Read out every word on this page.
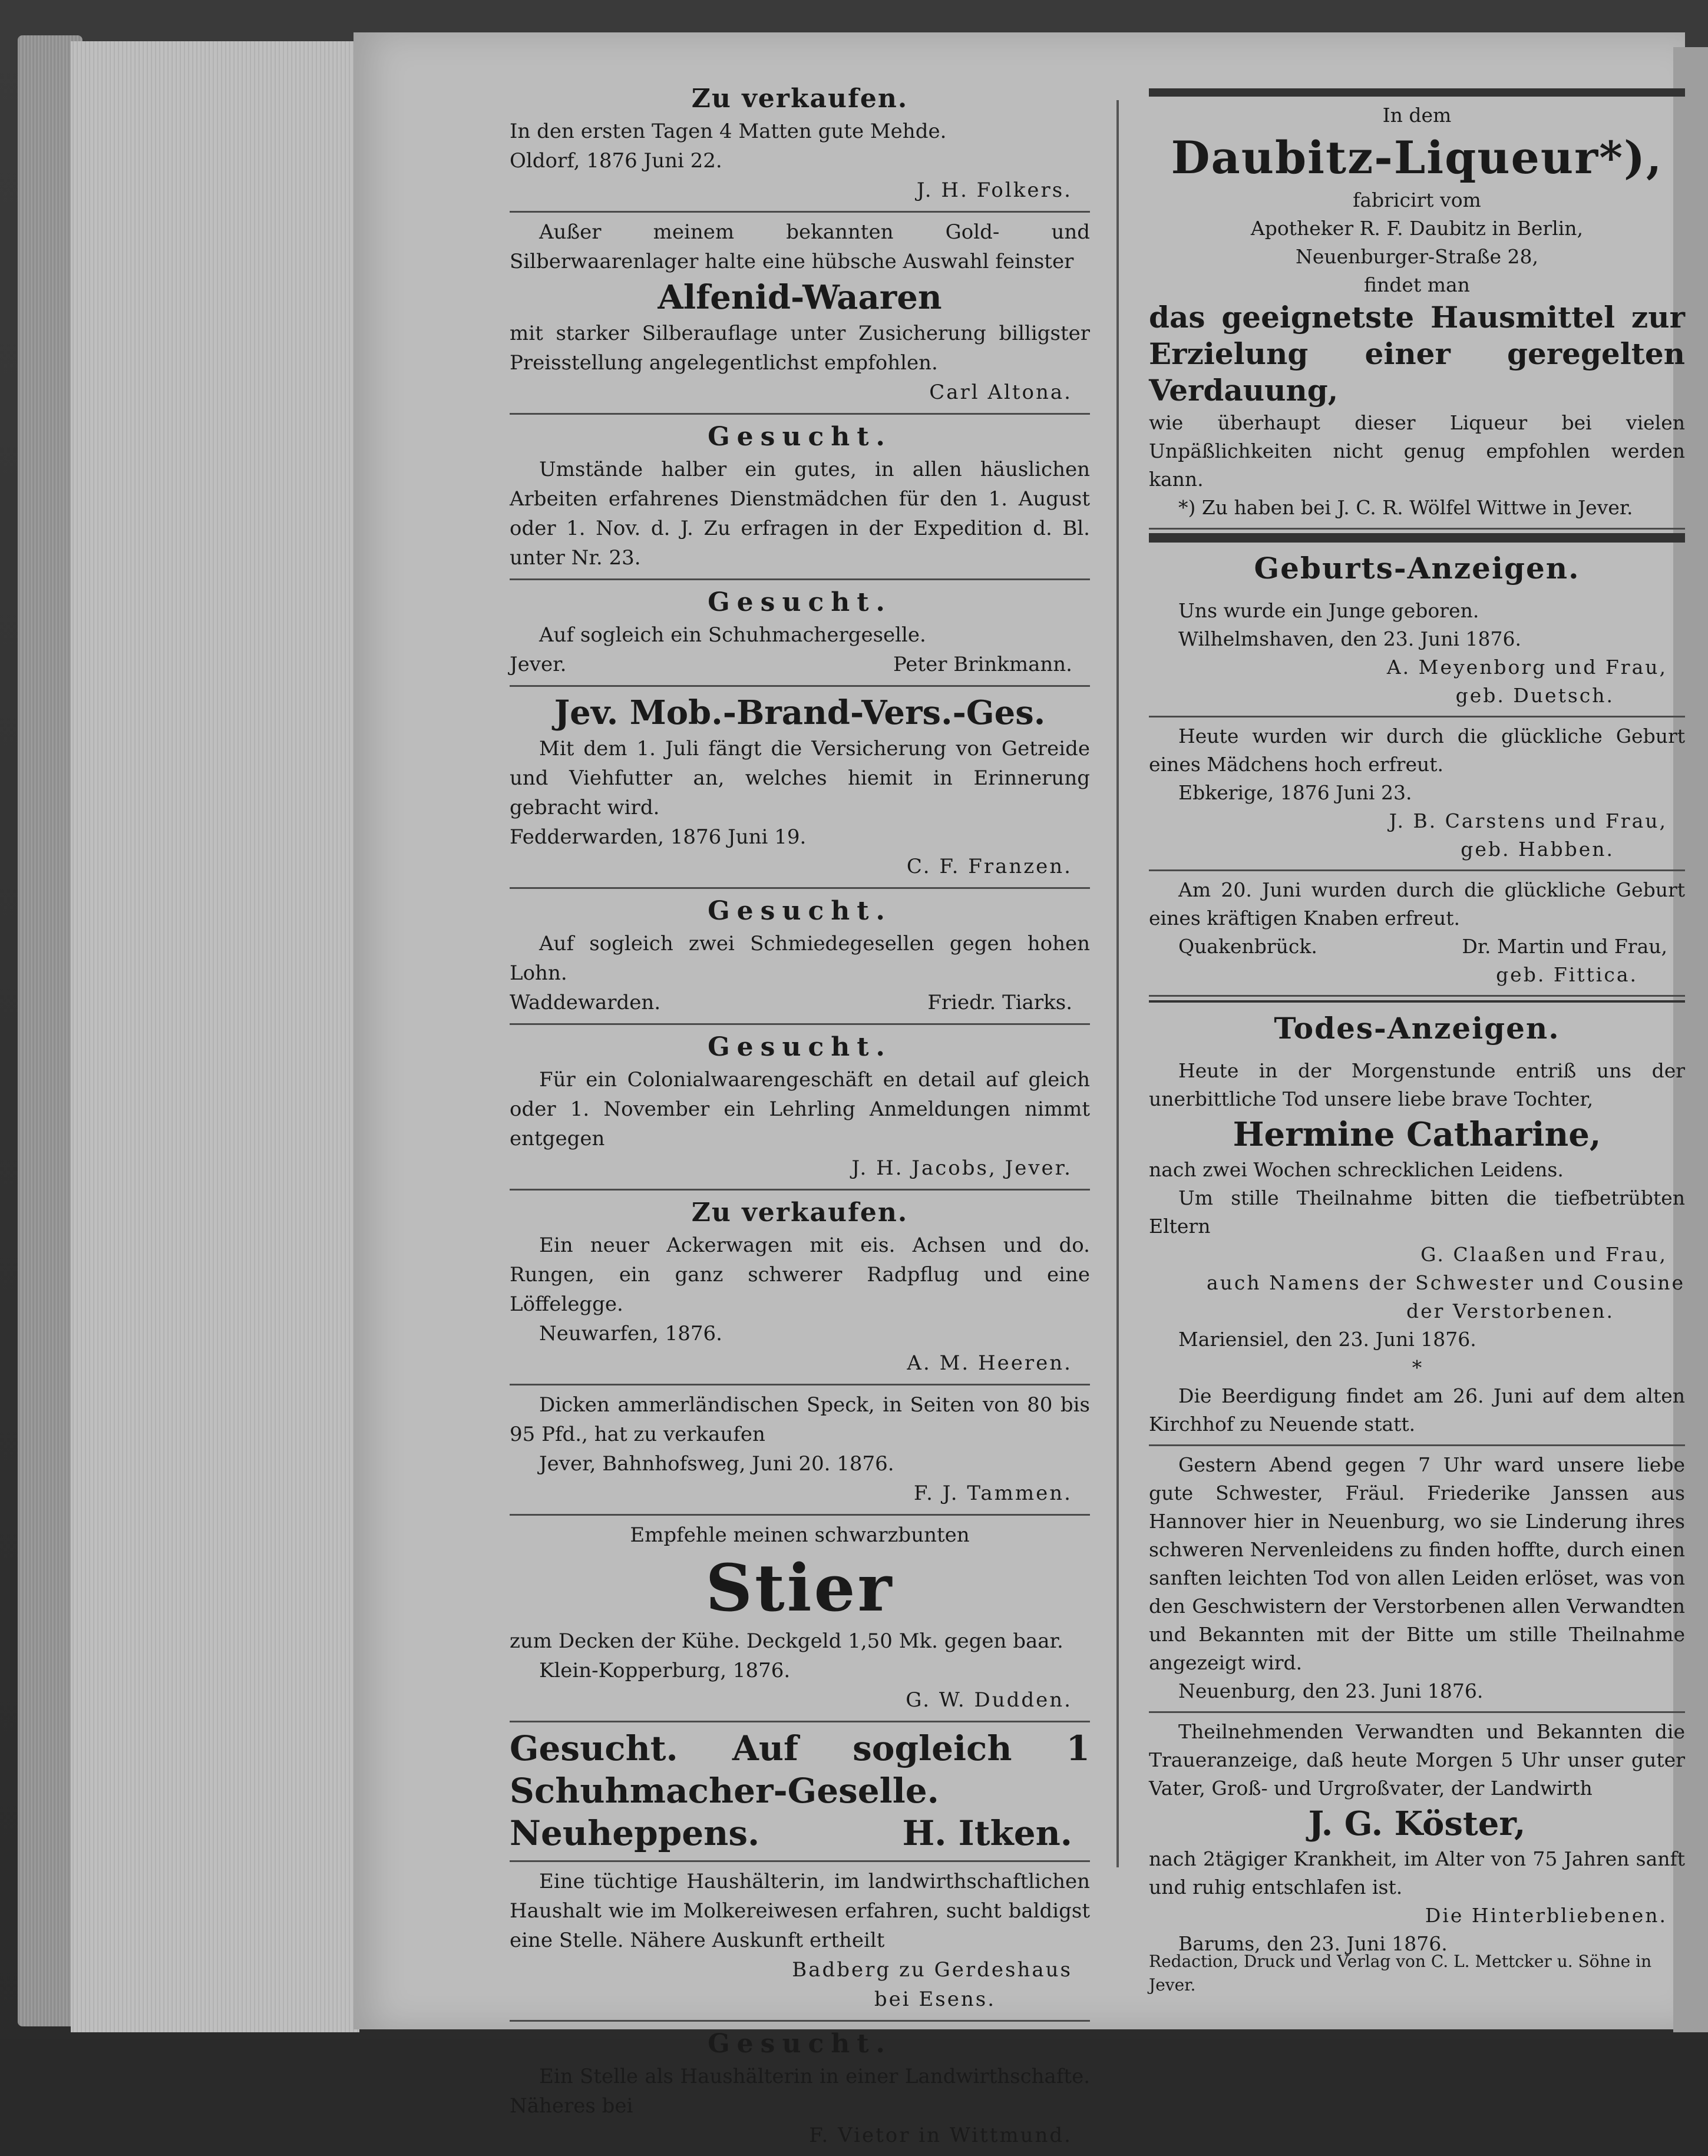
Zu verkaufen.

In den ersten Tagen 4 Matten gute Mehde.

Oldorf, 1876 Juni 22.

J. H. Folkers.

Außer meinem bekannten Gold- und Silberwaarenlager halte eine hübsche Auswahl feinster

Alfenid-Waaren

mit starker Silberauflage unter Zusicherung billigster Preisstellung angelegentlichst empfohlen.

Carl Altona.
Gesucht.

Umstände halber ein gutes, in allen häuslichen Arbeiten erfahrenes Dienstmädchen für den 1. August oder 1. Nov. d. J. Zu erfragen in der Expedition d. Bl. unter Nr. 23.

Gesucht.

Auf sogleich ein Schuhmachergeselle.

Jever.	Peter Brinkmann.
Jev. Mob.-Brand-Vers.-Ges.

Mit dem 1. Juli fängt die Versicherung von Getreide und Viehfutter an, welches hiemit in Erinnerung gebracht wird.

Fedderwarden, 1876 Juni 19.

C. F. Franzen.
Gesucht.

Auf sogleich zwei Schmiedegesellen gegen hohen Lohn.

Waddewarden.	Friedr. Tiarks.
Gesucht.

Für ein Colonialwaarengeschäft en detail auf gleich oder 1. November ein Lehrling Anmeldungen nimmt entgegen

J. H. Jacobs, Jever.
Zu verkaufen.

Ein neuer Ackerwagen mit eis. Achsen und do. Rungen, ein ganz schwerer Radpflug und eine Löffelegge.

Neuwarfen, 1876.

A. M. Heeren.

Dicken ammerländischen Speck, in Seiten von 80 bis 95 Pfd., hat zu verkaufen

Jever, Bahnhofsweg, Juni 20. 1876.

F. J. Tammen.
Empfehle meinen schwarzbunten
Stier

zum Decken der Kühe. Deckgeld 1,50 Mk. gegen baar.

Klein-Kopperburg, 1876.

G. W. Dudden.

Gesucht. Auf sogleich 1 Schuhmacher-Geselle.

Neuheppens.	H. Itken.

Eine tüchtige Haushälterin, im landwirthschaftlichen Haushalt wie im Molkereiwesen erfahren, sucht baldigst eine Stelle. Nähere Auskunft ertheilt

Badberg zu Gerdeshaus
bei Esens.
Gesucht.

Ein Stelle als Haushälterin in einer Landwirthschafte. Näheres bei

F. Vietor in Wittmund.
In dem
Daubitz-Liqueur*),
fabricirt vom
Apotheker R. F. Daubitz in Berlin,
Neuenburger-Straße 28,
findet man

das geeignetste Hausmittel zur Erzielung einer geregelten Verdauung,

wie überhaupt dieser Liqueur bei vielen Unpäßlichkeiten nicht genug empfohlen werden kann.

*) Zu haben bei J. C. R. Wölfel Wittwe in Jever.

Geburts-Anzeigen.

Uns wurde ein Junge geboren.

Wilhelmshaven, den 23. Juni 1876.

A. Meyenborg und Frau,
geb. Duetsch.

Heute wurden wir durch die glückliche Geburt eines Mädchens hoch erfreut.

Ebkerige, 1876 Juni 23.

J. B. Carstens und Frau,
geb. Habben.

Am 20. Juni wurden durch die glückliche Geburt eines kräftigen Knaben erfreut.

Quakenbrück.	Dr. Martin und Frau,
geb. Fittica.
Todes-Anzeigen.

Heute in der Morgenstunde entriß uns der unerbittliche Tod unsere liebe brave Tochter,

Hermine Catharine,

nach zwei Wochen schrecklichen Leidens.

Um stille Theilnahme bitten die tiefbetrübten Eltern

G. Claaßen und Frau,
auch Namens der Schwester und Cousine
der Verstorbenen.

Mariensiel, den 23. Juni 1876.

*

Die Beerdigung findet am 26. Juni auf dem alten Kirchhof zu Neuende statt.

Gestern Abend gegen 7 Uhr ward unsere liebe gute Schwester, Fräul. Friederike Janssen aus Hannover hier in Neuenburg, wo sie Linderung ihres schweren Nervenleidens zu finden hoffte, durch einen sanften leichten Tod von allen Leiden erlöset, was von den Geschwistern der Verstorbenen allen Verwandten und Bekannten mit der Bitte um stille Theilnahme angezeigt wird.

Neuenburg, den 23. Juni 1876.

Theilnehmenden Verwandten und Bekannten die Traueranzeige, daß heute Morgen 5 Uhr unser guter Vater, Groß- und Urgroßvater, der Landwirth

J. G. Köster,

nach 2tägiger Krankheit, im Alter von 75 Jahren sanft und ruhig entschlafen ist.

Die Hinterbliebenen.

Barums, den 23. Juni 1876.

Redaction, Druck und Verlag von C. L. Mettcker u. Söhne in Jever.
